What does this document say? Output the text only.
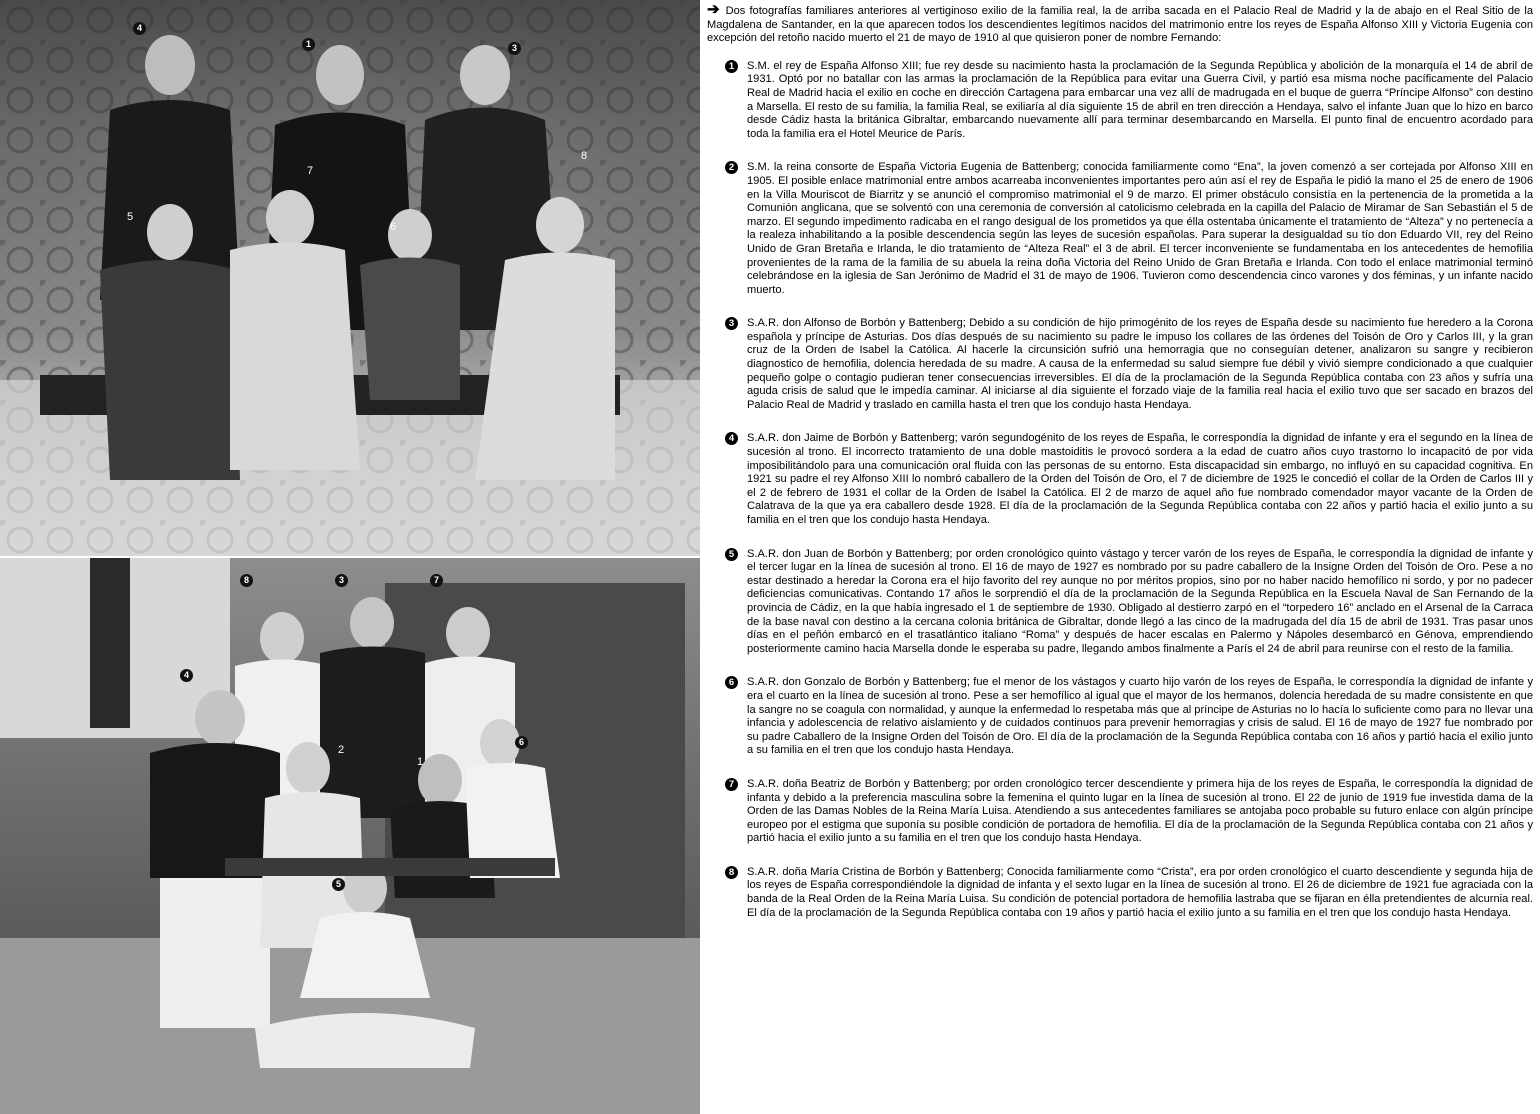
4
1	3
7
8
5
6
8	3	7
4
6
2
1
5

➔ Dos fotografías familiares anteriores al vertiginoso exilio de la familia real, la de arriba sacada en el Palacio Real de Madrid y la de abajo en el Real Sitio de la Magdalena de Santander, en la que aparecen todos los descendientes legítimos nacidos del matrimonio entre los reyes de España Alfonso XIII y Victoria Eugenia con excepción del retoño nacido muerto el 21 de mayo de 1910 al que quisieron poner de nombre Fernando:

1	S.M. el rey de España Alfonso XIII; fue rey desde su nacimiento hasta la proclamación de la Segunda República y abolición de la monarquía el 14 de abril de 1931. Optó por no batallar con las armas la proclamación de la República para evitar una Guerra Civil, y partió esa misma noche pacíficamente del Palacio Real de Madrid hacia el exilio en coche en dirección Cartagena para embarcar una vez allí de madrugada en el buque de guerra “Príncipe Alfonso” con destino a Marsella. El resto de su familia, la familia Real, se exiliaría al día siguiente 15 de abril en tren dirección a Hendaya, salvo el infante Juan que lo hizo en barco desde Cádiz hasta la británica Gibraltar, embarcando nuevamente allí para terminar desembarcando en Marsella. El punto final de encuentro acordado para toda la familia era el Hotel Meurice de París.
2	S.M. la reina consorte de España Victoria Eugenia de Battenberg; conocida familiarmente como “Ena”, la joven comenzó a ser cortejada por Alfonso XIII en 1905. El posible enlace matrimonial entre ambos acarreaba inconvenientes importantes pero aún así el rey de España le pidió la mano el 25 de enero de 1906 en la Villa Mouriscot de Biarritz y se anunció el compromiso matrimonial el 9 de marzo. El primer obstáculo consistía en la pertenencia de la prometida a la Comunión anglicana, que se solventó con una ceremonia de conversión al catolicismo celebrada en la capilla del Palacio de Miramar de San Sebastián el 5 de marzo. El segundo impedimento radicaba en el rango desigual de los prometidos ya que élla ostentaba únicamente el tratamiento de “Alteza” y no pertenecía a la realeza inhabilitando a la posible descendencia según las leyes de sucesión españolas. Para superar la desigualdad su tío don Eduardo VII, rey del Reino Unido de Gran Bretaña e Irlanda, le dio tratamiento de “Alteza Real” el 3 de abril. El tercer inconveniente se fundamentaba en los antecedentes de hemofilia provenientes de la rama de la familia de su abuela la reina doña Victoria del Reino Unido de Gran Bretaña e Irlanda. Con todo el enlace matrimonial terminó celebrándose en la iglesia de San Jerónimo de Madrid el 31 de mayo de 1906. Tuvieron como descendencia cinco varones y dos féminas, y un infante nacido muerto.
3	S.A.R. don Alfonso de Borbón y Battenberg; Debido a su condición de hijo primogénito de los reyes de España desde su nacimiento fue heredero a la Corona española y príncipe de Asturias. Dos días después de su nacimiento su padre le impuso los collares de las órdenes del Toisón de Oro y Carlos III, y la gran cruz de la Orden de Isabel la Católica. Al hacerle la circunsición sufrió una hemorragia que no conseguían detener, analizaron su sangre y recibieron diagnostico de hemofilia, dolencia heredada de su madre. A causa de la enfermedad su salud siempre fue débil y vivió siempre condicionado a que cualquier pequeño golpe o contagio pudieran tener consecuencias irreversibles. El día de la proclamación de la Segunda República contaba con 23 años y sufría una aguda crisis de salud que le impedía caminar. Al iniciarse al día siguiente el forzado viaje de la familia real hacia el exilio tuvo que ser sacado en brazos del Palacio Real de Madrid y traslado en camilla hasta el tren que los condujo hasta Hendaya.
4	S.A.R. don Jaime de Borbón y Battenberg; varón segundogénito de los reyes de España, le correspondía la dignidad de infante y era el segundo en la línea de sucesión al trono. El incorrecto tratamiento de una doble mastoiditis le provocó sordera a la edad de cuatro años cuyo trastorno lo incapacitó de por vida imposibilitándolo para una comunicación oral fluida con las personas de su entorno. Esta discapacidad sin embargo, no influyó en su capacidad cognitiva. En 1921 su padre el rey Alfonso XIII lo nombró caballero de la Orden del Toisón de Oro, el 7 de diciembre de 1925 le concedió el collar de la Orden de Carlos III y el 2 de febrero de 1931 el collar de la Orden de Isabel la Católica. El 2 de marzo de aquel año fue nombrado comendador mayor vacante de la Orden de Calatrava de la que ya era caballero desde 1928. El día de la proclamación de la Segunda República contaba con 22 años y partió hacia el exilio junto a su familia en el tren que los condujo hasta Hendaya.
5	S.A.R. don Juan de Borbón y Battenberg; por orden cronológico quinto vástago y tercer varón de los reyes de España, le correspondía la dignidad de infante y el tercer lugar en la línea de sucesión al trono. El 16 de mayo de 1927 es nombrado por su padre caballero de la Insigne Orden del Toisón de Oro. Pese a no estar destinado a heredar la Corona era el hijo favorito del rey aunque no por méritos propios, sino por no haber nacido hemofílico ni sordo, y por no padecer deficiencias comunicativas. Contando 17 años le sorprendió el día de la proclamación de la Segunda República en la Escuela Naval de San Fernando de la provincia de Cádiz, en la que había ingresado el 1 de septiembre de 1930. Obligado al destierro zarpó en el “torpedero 16” anclado en el Arsenal de la Carraca de la base naval con destino a la cercana colonia británica de Gibraltar, donde llegó a las cinco de la madrugada del día 15 de abril de 1931. Tras pasar unos días en el peñón embarcó en el trasatlántico italiano “Roma” y después de hacer escalas en Palermo y Nápoles desembarcó en Génova, emprendiendo posteriormente camino hacia Marsella donde le esperaba su padre, llegando ambos finalmente a París el 24 de abril para reunirse con el resto de la familia.
6	S.A.R. don Gonzalo de Borbón y Battenberg; fue el menor de los vástagos y cuarto hijo varón de los reyes de España, le correspondía la dignidad de infante y era el cuarto en la línea de sucesión al trono. Pese a ser hemofílico al igual que el mayor de los hermanos, dolencia heredada de su madre consistente en que la sangre no se coagula con normalidad, y aunque la enfermedad lo respetaba más que al príncipe de Asturias no lo hacía lo suficiente como para no llevar una infancia y adolescencia de relativo aislamiento y de cuidados continuos para prevenir hemorragias y crisis de salud. El 16 de mayo de 1927 fue nombrado por su padre Caballero de la Insigne Orden del Toisón de Oro. El día de la proclamación de la Segunda República contaba con 16 años y partió hacia el exilio junto a su familia en el tren que los condujo hasta Hendaya.
7	S.A.R. doña Beatriz de Borbón y Battenberg; por orden cronológico tercer descendiente y primera hija de los reyes de España, le correspondía la dignidad de infanta y debido a la preferencia masculina sobre la femenina el quinto lugar en la línea de sucesión al trono. El 22 de junio de 1919 fue investida dama de la Orden de las Damas Nobles de la Reina María Luisa. Atendiendo a sus antecedentes familiares se antojaba poco probable su futuro enlace con algún príncipe europeo por el estigma que suponía su posible condición de portadora de hemofilia. El día de la proclamación de la Segunda República contaba con 21 años y partió hacia el exilio junto a su familia en el tren que los condujo hasta Hendaya.
8	S.A.R. doña María Cristina de Borbón y Battenberg; Conocida familiarmente como “Crista”, era por orden cronológico el cuarto descendiente y segunda hija de los reyes de España correspondiéndole la dignidad de infanta y el sexto lugar en la línea de sucesión al trono. El 26 de diciembre de 1921 fue agraciada con la banda de la Real Orden de la Reina María Luisa. Su condición de potencial portadora de hemofilia lastraba que se fijaran en élla pretendientes de alcurnia real. El día de la proclamación de la Segunda República contaba con 19 años y partió hacia el exilio junto a su familia en el tren que los condujo hasta Hendaya.
